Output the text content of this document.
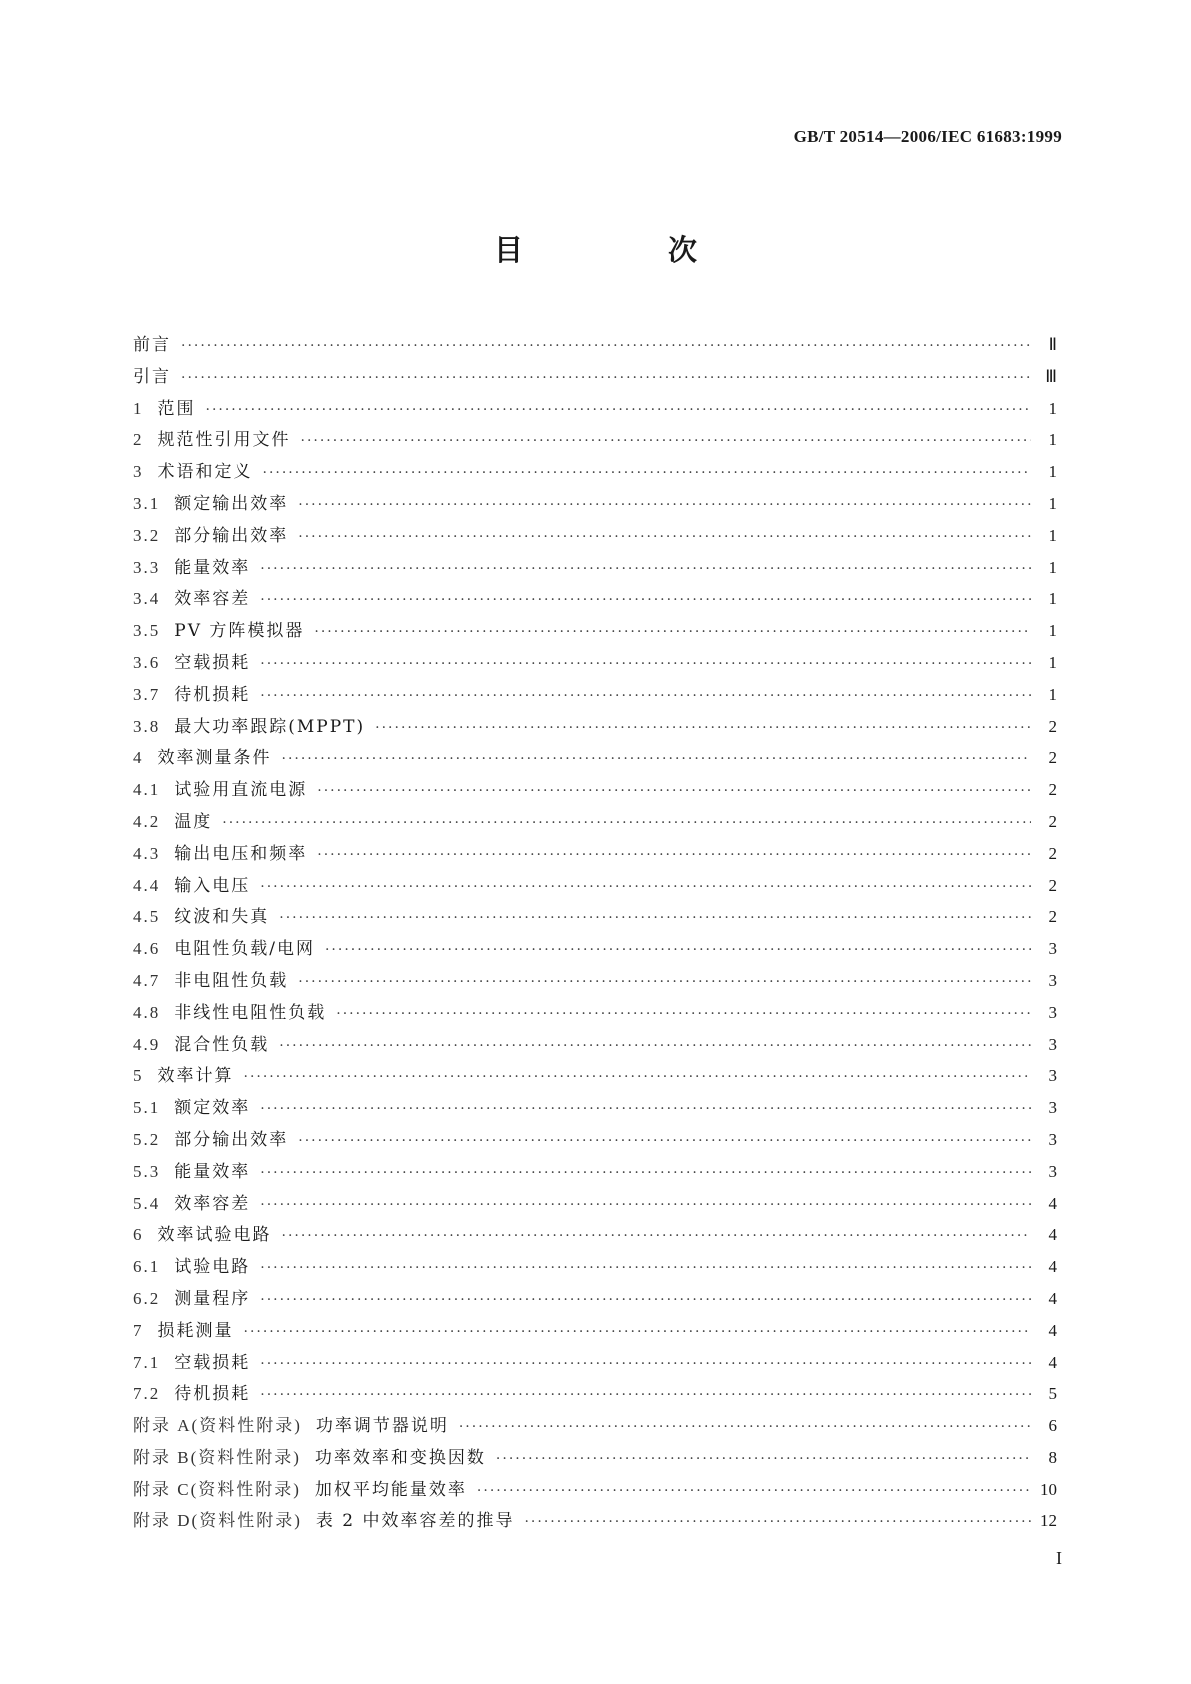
GB/T 20514—2006/IEC 61683:1999
目　次
前言 ·····	Ⅱ
引言 ·····	Ⅲ
1 范围 ·····	1
2 规范性引用文件 ·····	1
3 术语和定义 ·····	1
3.1 额定输出效率 ·····	1
3.2 部分输出效率 ·····	1
3.3 能量效率 ·····	1
3.4 效率容差 ·····	1
3.5 PV 方阵模拟器 ·····	1
3.6 空载损耗 ·····	1
3.7 待机损耗 ·····	1
3.8 最大功率跟踪(MPPT) ·····	2
4 效率测量条件 ·····	2
4.1 试验用直流电源 ·····	2
4.2 温度 ·····	2
4.3 输出电压和频率 ·····	2
4.4 输入电压 ·····	2
4.5 纹波和失真 ·····	2
4.6 电阻性负载/电网 ·····	3
4.7 非电阻性负载 ·····	3
4.8 非线性电阻性负载 ·····	3
4.9 混合性负载 ·····	3
5 效率计算 ·····	3
5.1 额定效率 ·····	3
5.2 部分输出效率 ·····	3
5.3 能量效率 ·····	3
5.4 效率容差 ·····	4
6 效率试验电路 ·····	4
6.1 试验电路 ·····	4
6.2 测量程序 ·····	4
7 损耗测量 ·····	4
7.1 空载损耗 ·····	4
7.2 待机损耗 ·····	5
附录 A(资料性附录) 功率调节器说明 ·····	6
附录 B(资料性附录) 功率效率和变换因数 ·····	8
附录 C(资料性附录) 加权平均能量效率 ·····	10
附录 D(资料性附录) 表 2 中效率容差的推导 ·····	12
I
